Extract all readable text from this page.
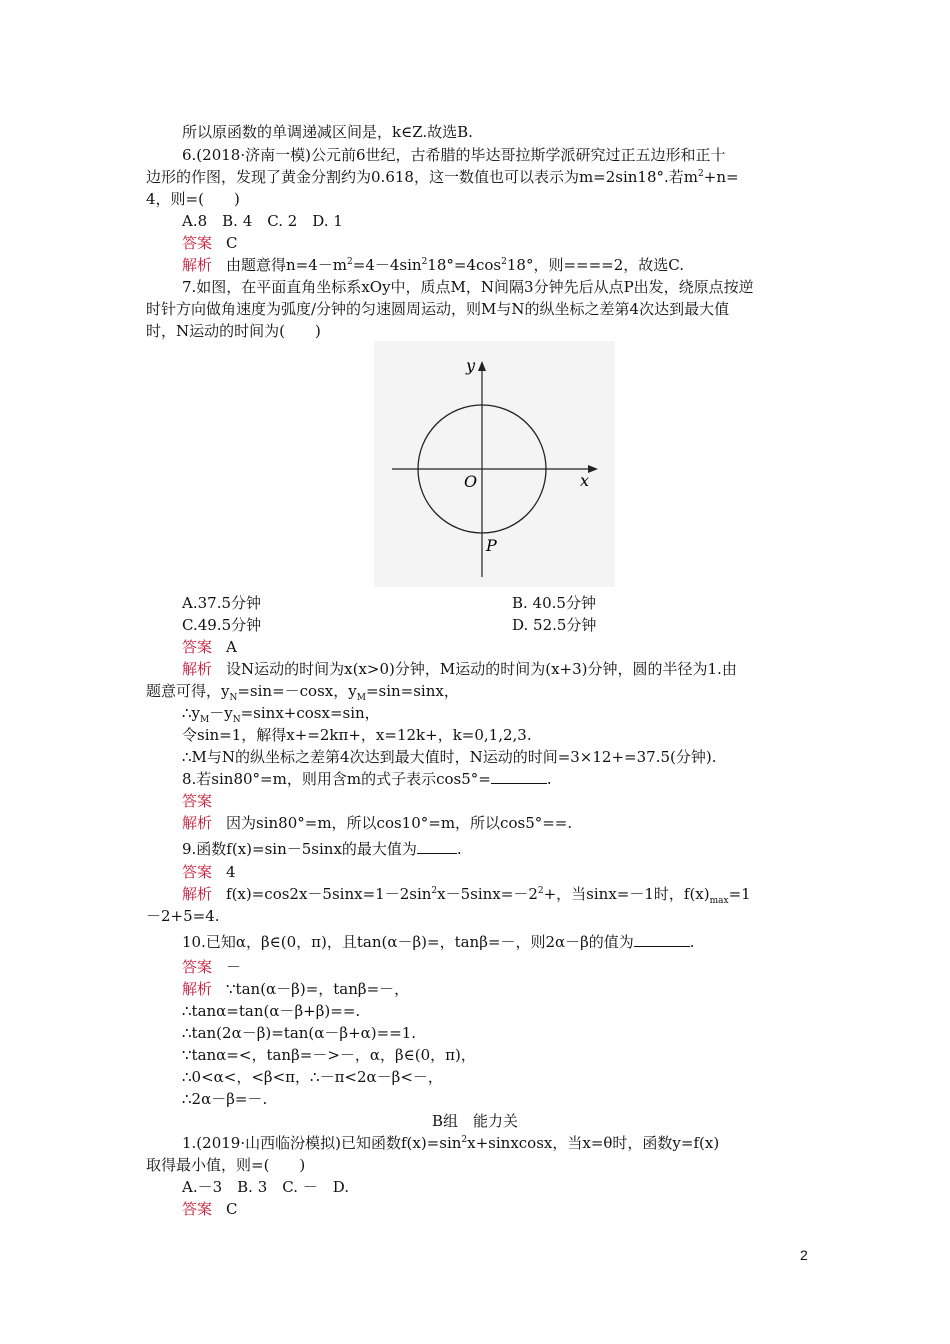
所以原函数的单调递减区间是，k∈Z.故选B.
6.(2018·济南一模)公元前6世纪，古希腊的毕达哥拉斯学派研究过正五边形和正十
边形的作图，发现了黄金分割约为0.618，这一数值也可以表示为m=2sin18°.若$m^2+n=$
4，则=(　　)
A.8　B. 4　C. 2　D. 1
答案 C
解析 由题意得$n=4-m^2=4-4\sin^218^\circ=4\cos^218^\circ$，则====2，故选C.
7.如图，在平面直角坐标系xOy中，质点M，N间隔3分钟先后从点P出发，绕原点按逆
时针方向做角速度为弧度/分钟的匀速圆周运动，则M与N的纵坐标之差第4次达到最大值
时，N运动的时间为(　　)
x
y
O
P
A.37.5分钟	B. 40.5分钟
C.49.5分钟	D. 52.5分钟
答案 A
解析 设N运动的时间为x(x>0)分钟，M运动的时间为(x+3)分钟，圆的半径为1.由
题意可得，$y_N=\sin=-\cos x$，$y_M=\sin=\sin x$，
$\therefore y_M-y_N=\sin x+\cos x=\sin$，
令sin=1，解得x+=2kπ+，x=12k+，k=0,1,2,3.
∴M与N的纵坐标之差第4次达到最大值时，N运动的时间=3×12+=37.5(分钟).
8.若sin80°=m，则用含m的式子表示cos5°=	.
答案
解析 因为sin80°=m，所以cos10°=m，所以cos5°==.
9.函数f(x)=sin－5sinx的最大值为	.
答案 4
解析 $f(x)=\cos 2x-5\sin x=1-2\sin^2x-5\sin x=-2^2+$，当sinx=－1时，$f(x)_{max}=1$
－2+5=4.
10.已知α，β∈(0，π)，且tan(α－β)=，tanβ=－，则2α－β的值为	.
答案 －
解析 ∵tan(α－β)=，tanβ=－，
∴tanα=tan(α－β+β)==.
∴tan(2α－β)=tan(α－β+α)==1.
∵tanα=<，tanβ=－>－，α，β∈(0，π)，
∴0<α<，<β<π，∴－π<2α－β<－，
∴2α－β=－.
B组　能力关
1.(2019·山西临汾模拟)已知函数$f(x)=\sin^2x+sinxcosx$，当x=θ时，函数y=f(x)
取得最小值，则=(　　)
A.－3　B. 3　C. －　D.
答案 C
2
